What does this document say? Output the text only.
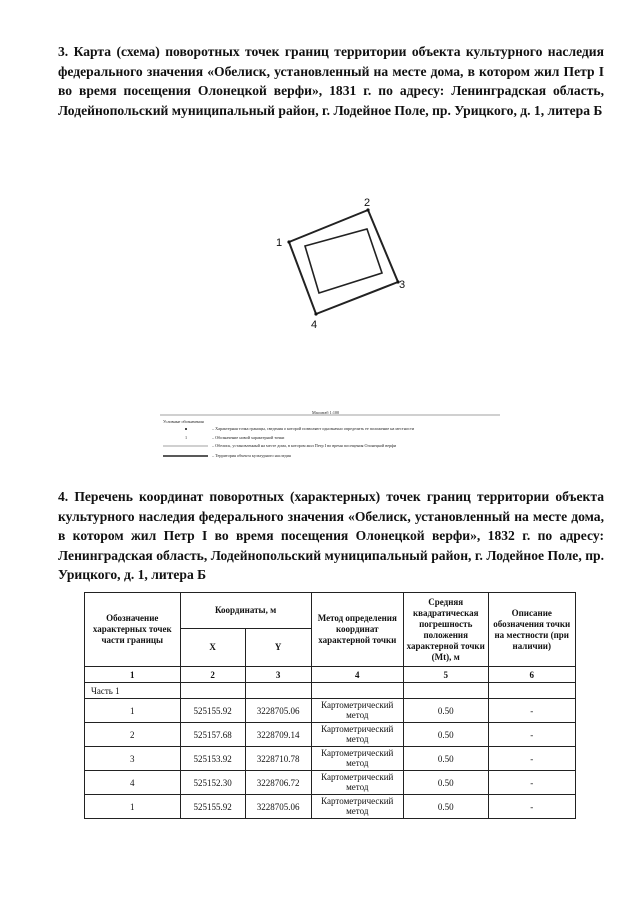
3. Карта (схема) поворотных точек границ территории объекта культурного наследия федерального значения «Обелиск, установленный на месте дома, в котором жил Петр I во время посещения Олонецкой верфи», 1831 г. по адресу: Ленинградская область, Лодейнопольский муниципальный район, г. Лодейное Поле, пр. Урицкого, д. 1, литера Б
1
2
3
4
Масштаб 1:100
Условные обозначения
– Характерная точка границы, сведения о которой позволяют однозначно определить ее положение на местности
1	– Обозначение новой характерной точки
– Обелиск, установленный на месте дома, в котором жил Петр I во время посещения Олонецкой верфи
– Территория объекта культурного наследия
4. Перечень координат поворотных (характерных) точек границ территории объекта культурного наследия федерального значения «Обелиск, установленный на месте дома, в котором жил Петр I во время посещения Олонецкой верфи», 1832 г. по адресу: Ленинградская область, Лодейнопольский муниципальный район, г. Лодейное Поле, пр. Урицкого, д. 1, литера Б
Обозначение характерных точек части границы	Координаты, м		Метод определения координат характерной точки	Средняя квадратическая погрешность положения характерной точки (Mt), м	Описание обозначения точки на местности (при наличии)
	X	Y			
1	2	3	4	5	6
Часть 1					
1	525155.92	3228705.06	Картометрический метод	0.50	-
2	525157.68	3228709.14	Картометрический метод	0.50	-
3	525153.92	3228710.78	Картометрический метод	0.50	-
4	525152.30	3228706.72	Картометрический метод	0.50	-
1	525155.92	3228705.06	Картометрический метод	0.50	-
